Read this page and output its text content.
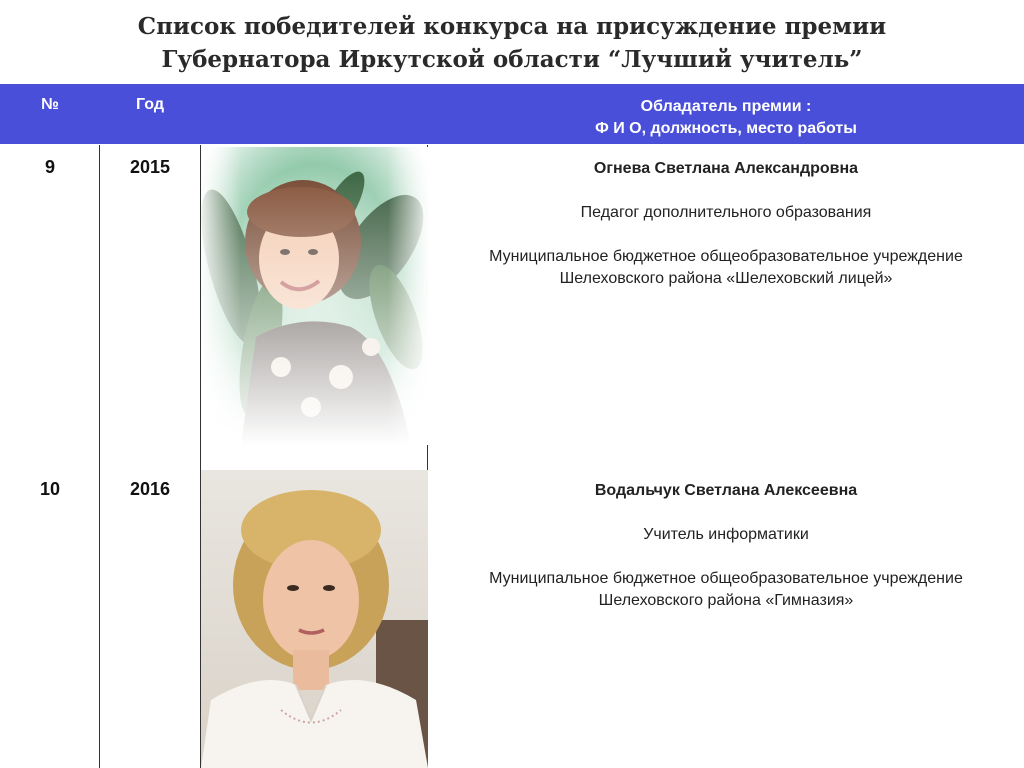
Список победителей конкурса на присуждение премии
Губернатора Иркутской области “Лучший учитель”
№	Год	Обладатель премии :
Ф И О, должность, место работы
9	2015	Огнева Светлана Александровна
Педагог дополнительного образования
Муниципальное бюджетное общеобразовательное учреждение
Шелеховского района «Шелеховский лицей»
10	2016	Водальчук Светлана Алексеевна
Учитель информатики
Муниципальное бюджетное общеобразовательное учреждение
Шелеховского района «Гимназия»
